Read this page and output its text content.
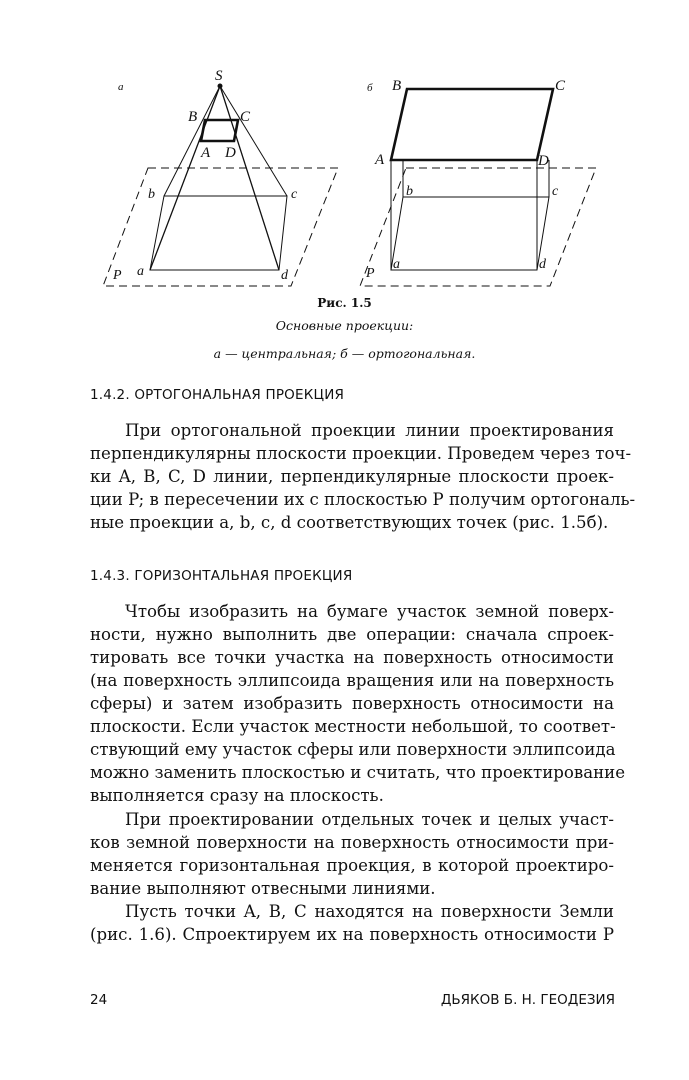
а
S
B	C
A D
b	c
a	d
P
б B	C
A	D
b	c
a	d
P
Рис. 1.5
Основные проекции:
а — центральная; б — ортогональная.
1.4.2. ОРТОГОНАЛЬНАЯ ПРОЕКЦИЯ
При ортогональной проекции линии проектирования
перпендикулярны плоскости проекции. Проведем через точ-
ки A, B, C, D линии, перпендикулярные плоскости проек-
ции P; в пересечении их с плоскостью P получим ортогональ-
ные проекции a, b, c, d соответствующих точек (рис. 1.5б).
1.4.3. ГОРИЗОНТАЛЬНАЯ ПРОЕКЦИЯ
Чтобы изобразить на бумаге участок земной поверх-
ности, нужно выполнить две операции: сначала спроек-
тировать все точки участка на поверхность относимости
(на поверхность эллипсоида вращения или на поверхность
сферы) и затем изобразить поверхность относимости на
плоскости. Если участок местности небольшой, то соответ-
ствующий ему участок сферы или поверхности эллипсоида
можно заменить плоскостью и считать, что проектирование
выполняется сразу на плоскость.
При проектировании отдельных точек и целых участ-
ков земной поверхности на поверхность относимости при-
меняется горизонтальная проекция, в которой проектиро-
вание выполняют отвесными линиями.
Пусть точки A, B, C находятся на поверхности Земли
(рис. 1.6). Спроектируем их на поверхность относимости P
24	ДЬЯКОВ Б. Н. ГЕОДЕЗИЯ
